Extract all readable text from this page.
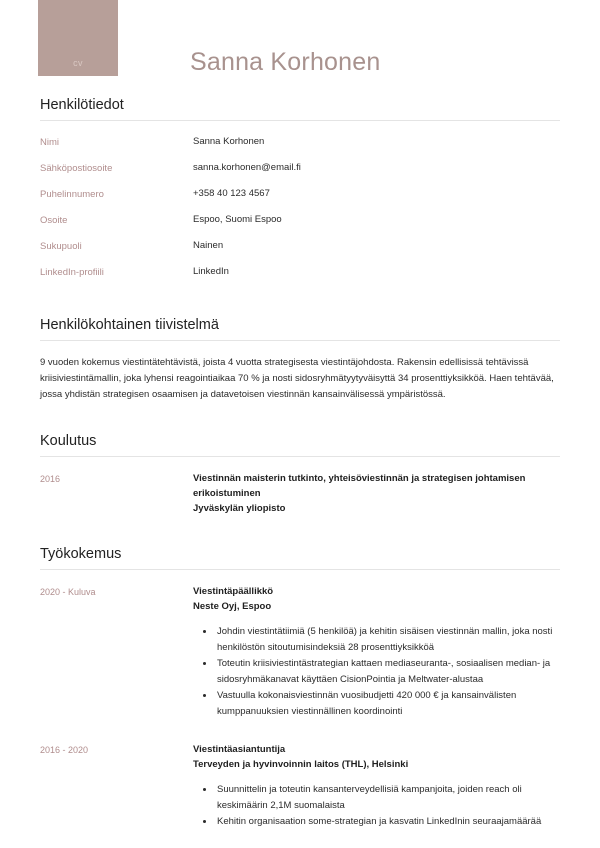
cv	Sanna Korhonen
Henkilötiedot
Nimi	Sanna Korhonen
Sähköpostiosoite	sanna.korhonen@email.fi
Puhelinnumero	+358 40 123 4567
Osoite	Espoo, Suomi Espoo
Sukupuoli	Nainen
LinkedIn-profiili	LinkedIn
Henkilökohtainen tiivistelmä

9 vuoden kokemus viestintätehtävistä, joista 4 vuotta strategisesta viestintäjohdosta. Rakensin edellisissä tehtävissä kriisiviestintämallin, joka lyhensi reagointiaikaa 70 % ja nosti sidosryhmätyytyväisyttä 34 prosenttiyksikköä. Haen tehtävää, jossa yhdistän strategisen osaamisen ja datavetoisen viestinnän kansainvälisessä ympäristössä.

Koulutus
2016	Viestinnän maisterin tutkinto, yhteisöviestinnän ja strategisen johtamisen erikoistuminen
Jyväskylän yliopisto
Työkokemus
2020 - Kuluva	Viestintäpäällikkö
Neste Oyj, Espoo
• Johdin viestintätiimiä (5 henkilöä) ja kehitin sisäisen viestinnän mallin, joka nosti henkilöstön sitoutumisindeksiä 28 prosenttiyksikköä
• Toteutin kriisiviestintästrategian kattaen mediaseuranta-, sosiaalisen median- ja sidosryhmäkanavat käyttäen CisionPointia ja Meltwater-alustaa
• Vastuulla kokonaisviestinnän vuosibudjetti 420 000 € ja kansainvälisten kumppanuuksien viestinnällinen koordinointi
2016 - 2020	Viestintäasiantuntija
Terveyden ja hyvinvoinnin laitos (THL), Helsinki
• Suunnittelin ja toteutin kansanterveydellisiä kampanjoita, joiden reach oli keskimäärin 2,1M suomalaista
• Kehitin organisaation some-strategian ja kasvatin LinkedInin seuraajamäärää
